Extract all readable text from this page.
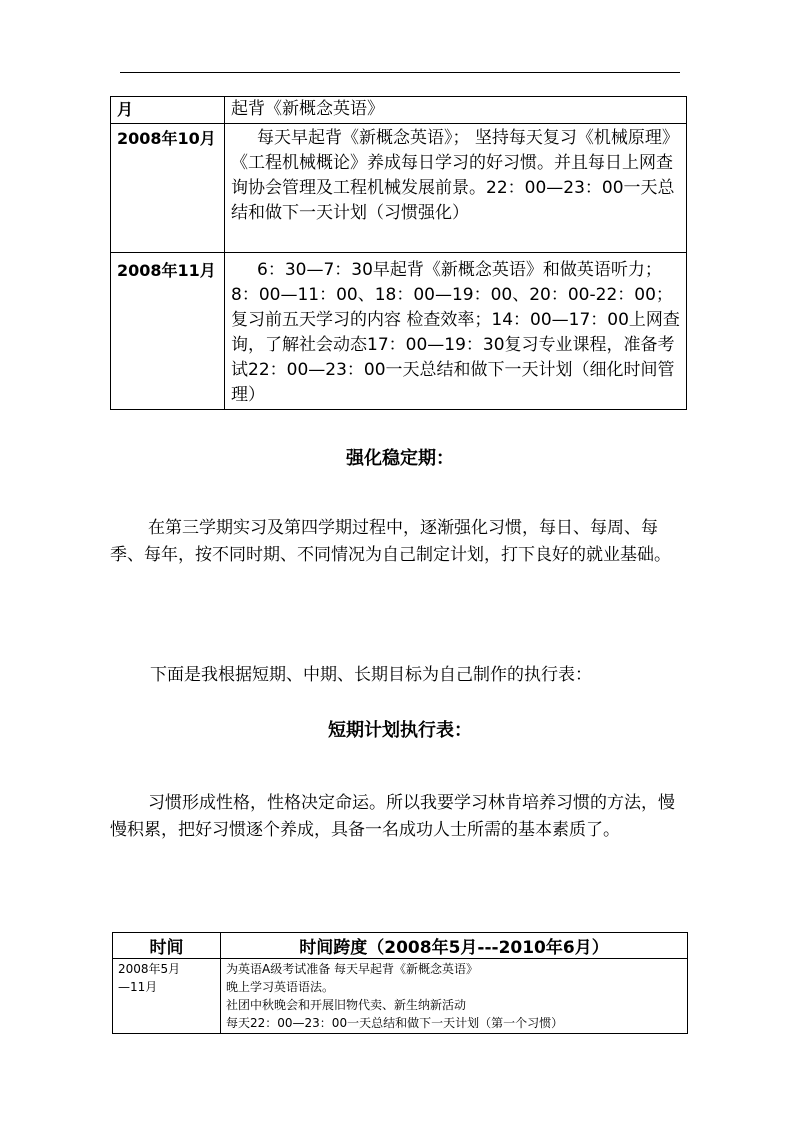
月	起背《新概念英语》
2008年10月	每天早起背《新概念英语》； 坚持每天复习《机械原理》《工程机械概论》养成每日学习的好习惯。并且每日上网查询协会管理及工程机械发展前景。22：00—23：00一天总结和做下一天计划（习惯强化）
2008年11月	6：30—7：30早起背《新概念英语》和做英语听力；8：00—11：00、18：00—19：00、20：00-22：00；复习前五天学习的内容 检查效率；14：00—17：00上网查询，了解社会动态17：00—19：30复习专业课程，准备考试22：00—23：00一天总结和做下一天计划（细化时间管理）
强化稳定期：
在第三学期实习及第四学期过程中，逐渐强化习惯，每日、每周、每季、每年，按不同时期、不同情况为自己制定计划，打下良好的就业基础。
下面是我根据短期、中期、长期目标为自己制作的执行表：
短期计划执行表：
习惯形成性格，性格决定命运。所以我要学习林肯培养习惯的方法，慢慢积累，把好习惯逐个养成，具备一名成功人士所需的基本素质了。
时间	时间跨度（2008年5月---2010年6月）

2008年5月
—11月	为英语A级考试准备 每天早起背《新概念英语》
晚上学习英语语法。
社团中秋晚会和开展旧物代卖、新生纳新活动
每天22：00—23：00一天总结和做下一天计划（第一个习惯）
